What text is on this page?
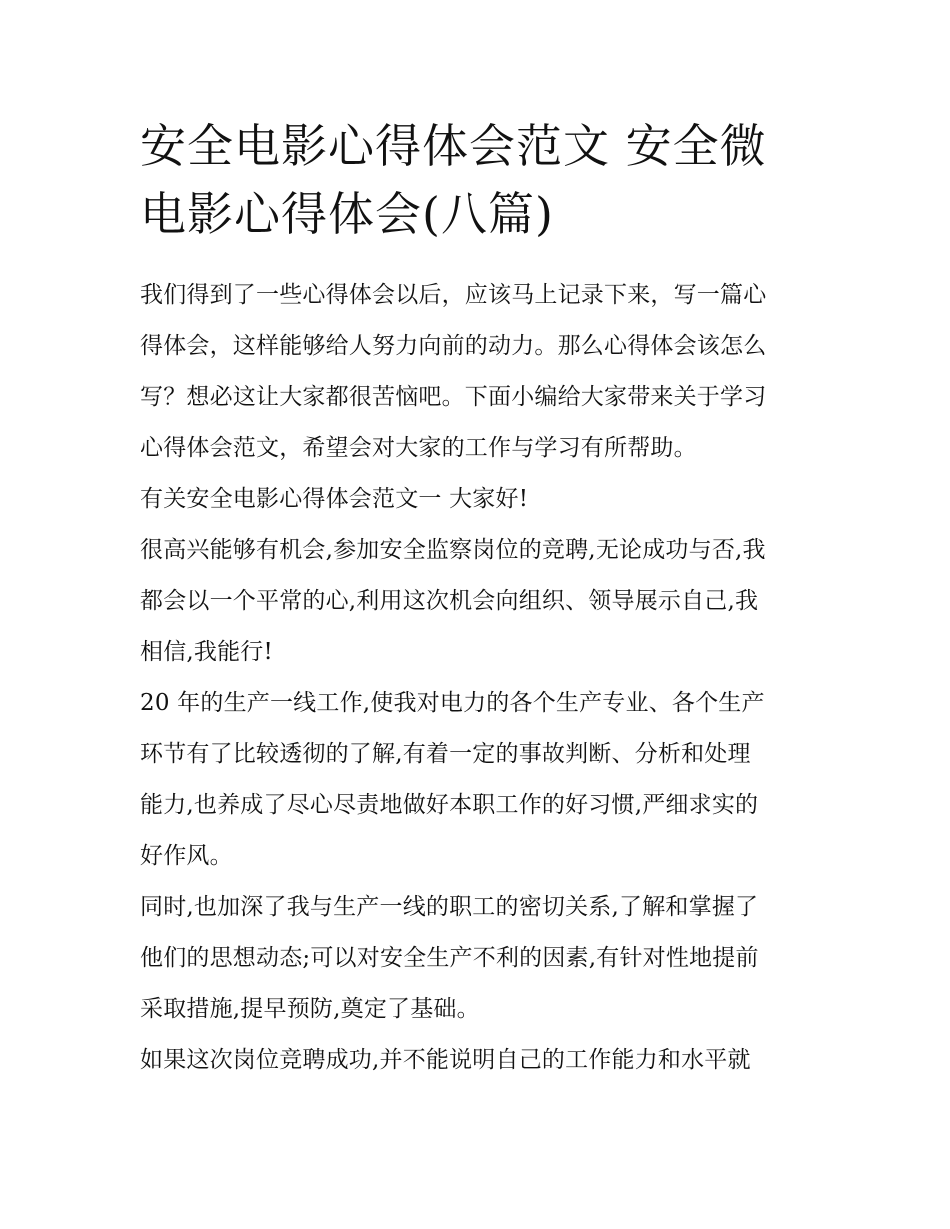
安全电影心得体会范文 安全微
电影心得体会(八篇)

我们得到了一些心得体会以后，应该马上记录下来，写一篇心

得体会，这样能够给人努力向前的动力。那么心得体会该怎么

写？想必这让大家都很苦恼吧。下面小编给大家带来关于学习

心得体会范文，希望会对大家的工作与学习有所帮助。

有关安全电影心得体会范文一 大家好!

很高兴能够有机会,参加安全监察岗位的竞聘,无论成功与否,我

都会以一个平常的心,利用这次机会向组织、领导展示自己,我

相信,我能行!

20 年的生产一线工作,使我对电力的各个生产专业、各个生产

环节有了比较透彻的了解,有着一定的事故判断、分析和处理

能力,也养成了尽心尽责地做好本职工作的好习惯,严细求实的

好作风。

同时,也加深了我与生产一线的职工的密切关系,了解和掌握了

他们的思想动态;可以对安全生产不利的因素,有针对性地提前

采取措施,提早预防,奠定了基础。

如果这次岗位竞聘成功,并不能说明自己的工作能力和水平就
